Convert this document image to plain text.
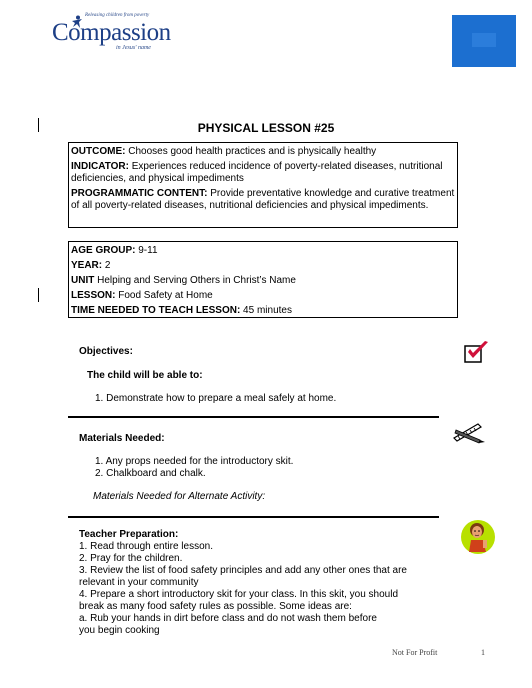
Releasing children from poverty
Compassion
in Jesus' name
PHYSICAL LESSON #25

OUTCOME: Chooses good health practices and is physically healthy

INDICATOR: Experiences reduced incidence of poverty-related diseases, nutritional deficiencies, and physical impediments

PROGRAMMATIC CONTENT: Provide preventative knowledge and curative treatment of all poverty-related diseases, nutritional deficiencies and physical impediments.

AGE GROUP: 9-11

YEAR: 2

UNIT Helping and Serving Others in Christ’s Name

LESSON: Food Safety at Home

TIME NEEDED TO TEACH LESSON: 45 minutes

Objectives:
The child will be able to:
1. Demonstrate how to prepare a meal safely at home.
Materials Needed:
1. Any props needed for the introductory skit.
2. Chalkboard and chalk.
Materials Needed for Alternate Activity:
Teacher Preparation:
1. Read through entire lesson.
2. Pray for the children.
3. Review the list of food safety principles and add any other ones that are
relevant in your community
4. Prepare a short introductory skit for your class. In this skit, you should
break as many food safety rules as possible. Some ideas are:
a. Rub your hands in dirt before class and do not wash them before
you begin cooking
Not For Profit	1
